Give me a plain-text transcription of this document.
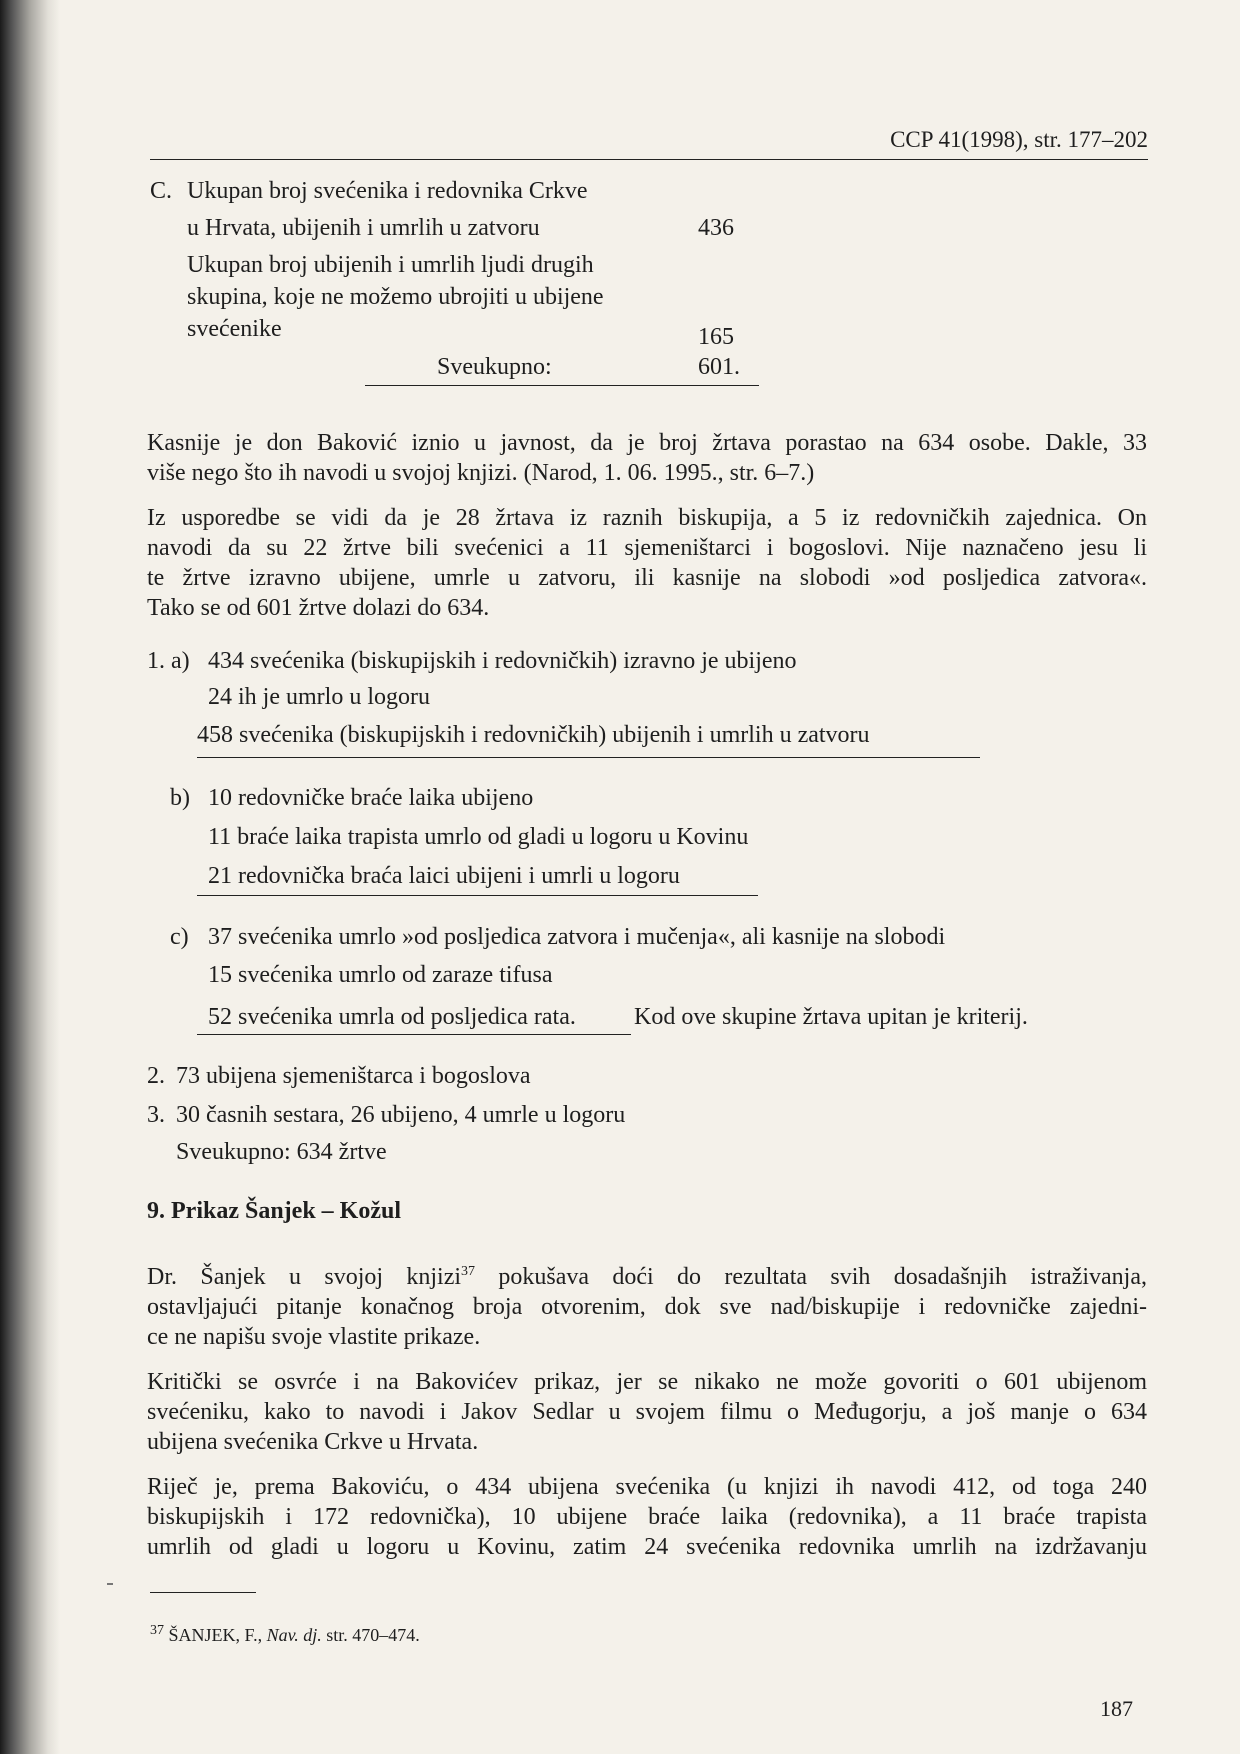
CCP 41(1998), str. 177–202
C. Ukupan broj svećenika i redovnika Crkve
u Hrvata, ubijenih i umrlih u zatvoru	436
Ukupan broj ubijenih i umrlih ljudi drugih
skupina, koje ne možemo ubrojiti u ubijene
svećenike	165
Sveukupno:	601.
Kasnije je don Baković iznio u javnost, da je broj žrtava porastao na 634 osobe. Dakle, 33
više nego što ih navodi u svojoj knjizi. (Narod, 1. 06. 1995., str. 6–7.)
Iz usporedbe se vidi da je 28 žrtava iz raznih biskupija, a 5 iz redovničkih zajednica. On
navodi da su 22 žrtve bili svećenici a 11 sjemeništarci i bogoslovi. Nije naznačeno jesu li
te žrtve izravno ubijene, umrle u zatvoru, ili kasnije na slobodi »od posljedica zatvora«.
Tako se od 601 žrtve dolazi do 634.
1. a) 434 svećenika (biskupijskih i redovničkih) izravno je ubijeno
24 ih je umrlo u logoru
458 svećenika (biskupijskih i redovničkih) ubijenih i umrlih u zatvoru
b) 10 redovničke braće laika ubijeno
11 braće laika trapista umrlo od gladi u logoru u Kovinu
21 redovnička braća laici ubijeni i umrli u logoru
c) 37 svećenika umrlo »od posljedica zatvora i mučenja«, ali kasnije na slobodi
15 svećenika umrlo od zaraze tifusa
52 svećenika umrla od posljedica rata. Kod ove skupine žrtava upitan je kriterij.
2. 73 ubijena sjemeništarca i bogoslova
3. 30 časnih sestara, 26 ubijeno, 4 umrle u logoru
Sveukupno: 634 žrtve
9. Prikaz Šanjek – Kožul
Dr. Šanjek u svojoj knjizi$^{37}$ pokušava doći do rezultata svih dosadašnjih istraživanja,
ostavljajući pitanje konačnog broja otvorenim, dok sve nad/biskupije i redovničke zajedni-
ce ne napišu svoje vlastite prikaze.
Kritički se osvrće i na Bakovićev prikaz, jer se nikako ne može govoriti o 601 ubijenom
svećeniku, kako to navodi i Jakov Sedlar u svojem filmu o Međugorju, a još manje o 634
ubijena svećenika Crkve u Hrvata.
Riječ je, prema Bakoviću, o 434 ubijena svećenika (u knjizi ih navodi 412, od toga 240
biskupijskih i 172 redovnička), 10 ubijene braće laika (redovnika), a 11 braće trapista
umrlih od gladi u logoru u Kovinu, zatim 24 svećenika redovnika umrlih na izdržavanju
$^{37}$ ŠANJEK, F., Nav. dj. str. 470–474.
187
